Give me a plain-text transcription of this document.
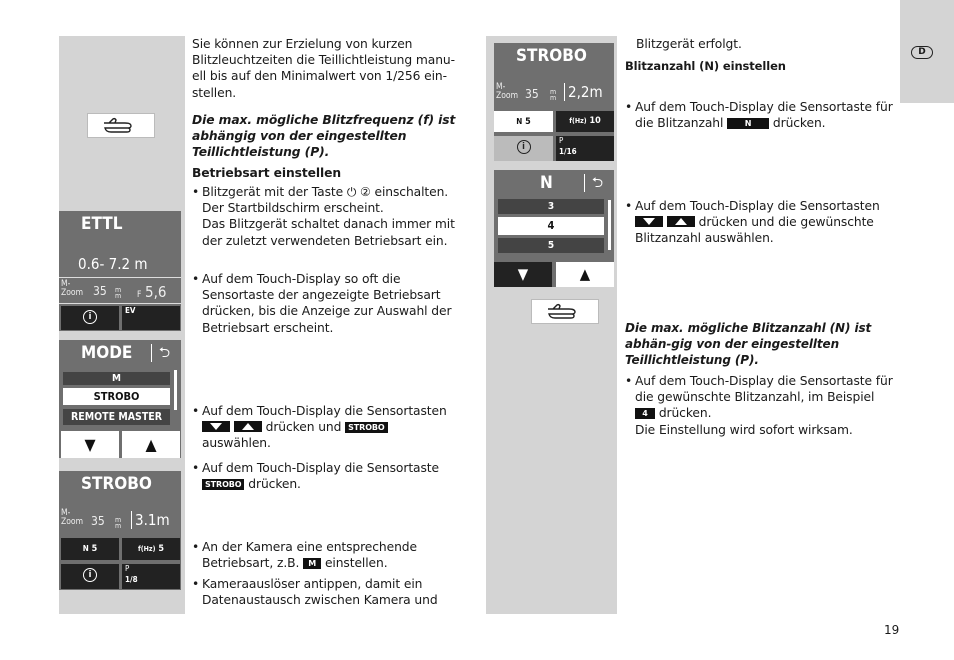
D
ETTL
0.6- 7.2 m
M-
Zoom 35 m
m F 5,6
i
EV
MODE	⮌
M
STROBO
REMOTE MASTER
▼	▲
STROBO
M-
Zoom 35 m
m 3.1m
N 5	f(Hz) 5
i
P
1/8
STROBO
M-
Zoom 35 m
m 2,2m
N 5	f(Hz) 10
i
P
1/16
N	⮌
3
4
5
▼	▲

Sie können zur Erzielung von kurzen Blitzleuchtzeiten die Teillichtleistung manu-ell bis auf den Minimalwert von 1/256 ein-stellen.

Die max. mögliche Blitzfrequenz (f) ist abhängig von der eingestellten Teillichtleistung (P).

Betriebsart einstellen

• Blitzgerät mit der Taste ⏻ ② einschalten. Der Startbildschirm erscheint.
Das Blitzgerät schaltet danach immer mit der zuletzt verwendeten Betriebsart ein.
• Auf dem Touch-Display so oft die Sensortaste der angezeigte Betriebsart drücken, bis die Anzeige zur Auswahl der Betriebsart erscheint.
• Auf dem Touch-Display die Sensortasten
drücken und STROBO auswählen.
• Auf dem Touch-Display die Sensortaste
STROBO drücken.
• An der Kamera eine entsprechende Betriebsart, z.B. M einstellen.
• Kameraauslöser antippen, damit ein Datenaustausch zwischen Kamera und

Blitzgerät erfolgt.

Blitzanzahl (N) einstellen

• Auf dem Touch-Display die Sensortaste für die Blitzanzahl	N drücken.
• Auf dem Touch-Display die Sensortasten
drücken und die gewünschte Blitzanzahl auswählen.

Die max. mögliche Blitzanzahl (N) ist abhän-gig von der eingestellten Teillichtleistung (P).

• Auf dem Touch-Display die Sensortaste für die gewünschte Blitzanzahl, im Beispiel 4 drücken.
Die Einstellung wird sofort wirksam.
19
